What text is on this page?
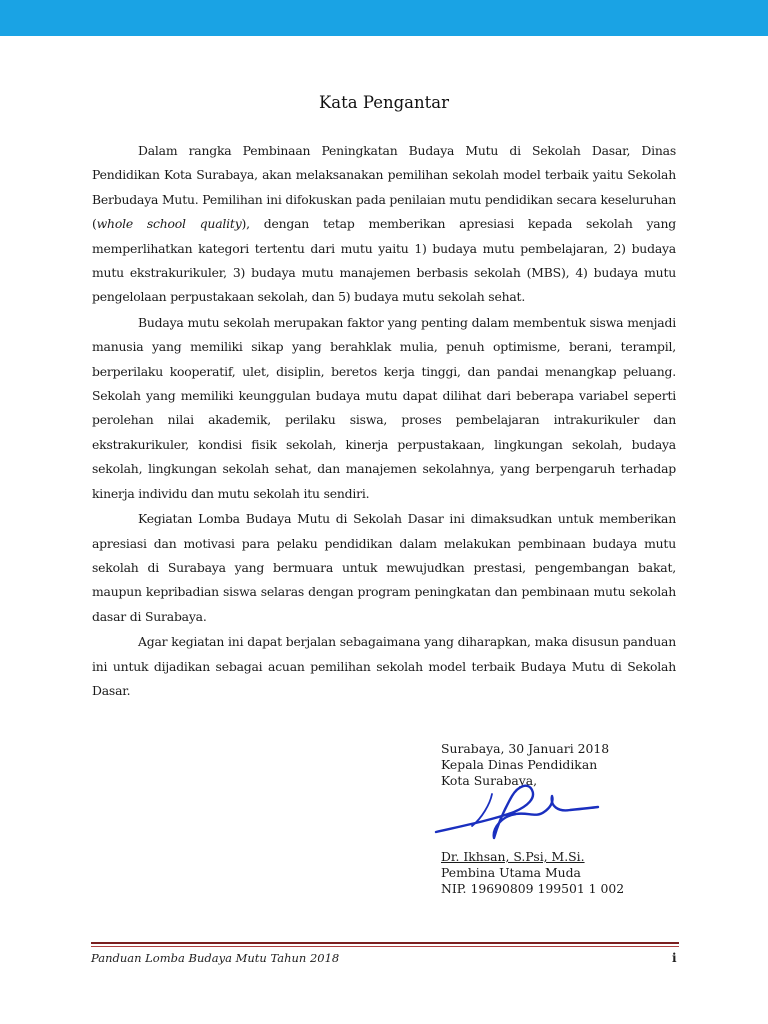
Kata Pengantar

Dalam rangka Pembinaan Peningkatan Budaya Mutu di Sekolah Dasar, Dinas Pendidikan Kota Surabaya, akan melaksanakan pemilihan sekolah model terbaik yaitu Sekolah Berbudaya Mutu. Pemilihan ini difokuskan pada penilaian mutu pendidikan secara keseluruhan (whole school quality), dengan tetap memberikan apresiasi kepada sekolah yang memperlihatkan kategori tertentu dari mutu yaitu 1) budaya mutu pembelajaran, 2) budaya mutu ekstrakurikuler, 3) budaya mutu manajemen berbasis sekolah (MBS), 4) budaya mutu pengelolaan perpustakaan sekolah, dan 5) budaya mutu sekolah sehat.

Budaya mutu sekolah merupakan faktor yang penting dalam membentuk siswa menjadi manusia yang memiliki sikap yang berahklak mulia, penuh optimisme, berani, terampil, berperilaku kooperatif, ulet, disiplin, beretos kerja tinggi, dan pandai menangkap peluang. Sekolah yang memiliki keunggulan budaya mutu dapat dilihat dari beberapa variabel seperti perolehan nilai akademik, perilaku siswa, proses pembelajaran intrakurikuler dan ekstrakurikuler, kondisi fisik sekolah, kinerja perpustakaan, lingkungan sekolah, budaya sekolah, lingkungan sekolah sehat, dan manajemen sekolahnya, yang berpengaruh terhadap kinerja individu dan mutu sekolah itu sendiri.

Kegiatan Lomba Budaya Mutu di Sekolah Dasar ini dimaksudkan untuk memberikan apresiasi dan motivasi para pelaku pendidikan dalam melakukan pembinaan budaya mutu sekolah di Surabaya yang bermuara untuk mewujudkan prestasi, pengembangan bakat, maupun kepribadian siswa selaras dengan program peningkatan dan pembinaan mutu sekolah dasar di Surabaya.

Agar kegiatan ini dapat berjalan sebagaimana yang diharapkan, maka disusun panduan ini untuk dijadikan sebagai acuan pemilihan sekolah model terbaik Budaya Mutu di Sekolah Dasar.

Surabaya, 30 Januari 2018
Kepala Dinas Pendidikan
Kota Surabaya,
Dr. Ikhsan, S.Psi, M.Si.
Pembina Utama Muda
NIP. 19690809 199501 1 002
Panduan Lomba Budaya Mutu Tahun 2018	i
